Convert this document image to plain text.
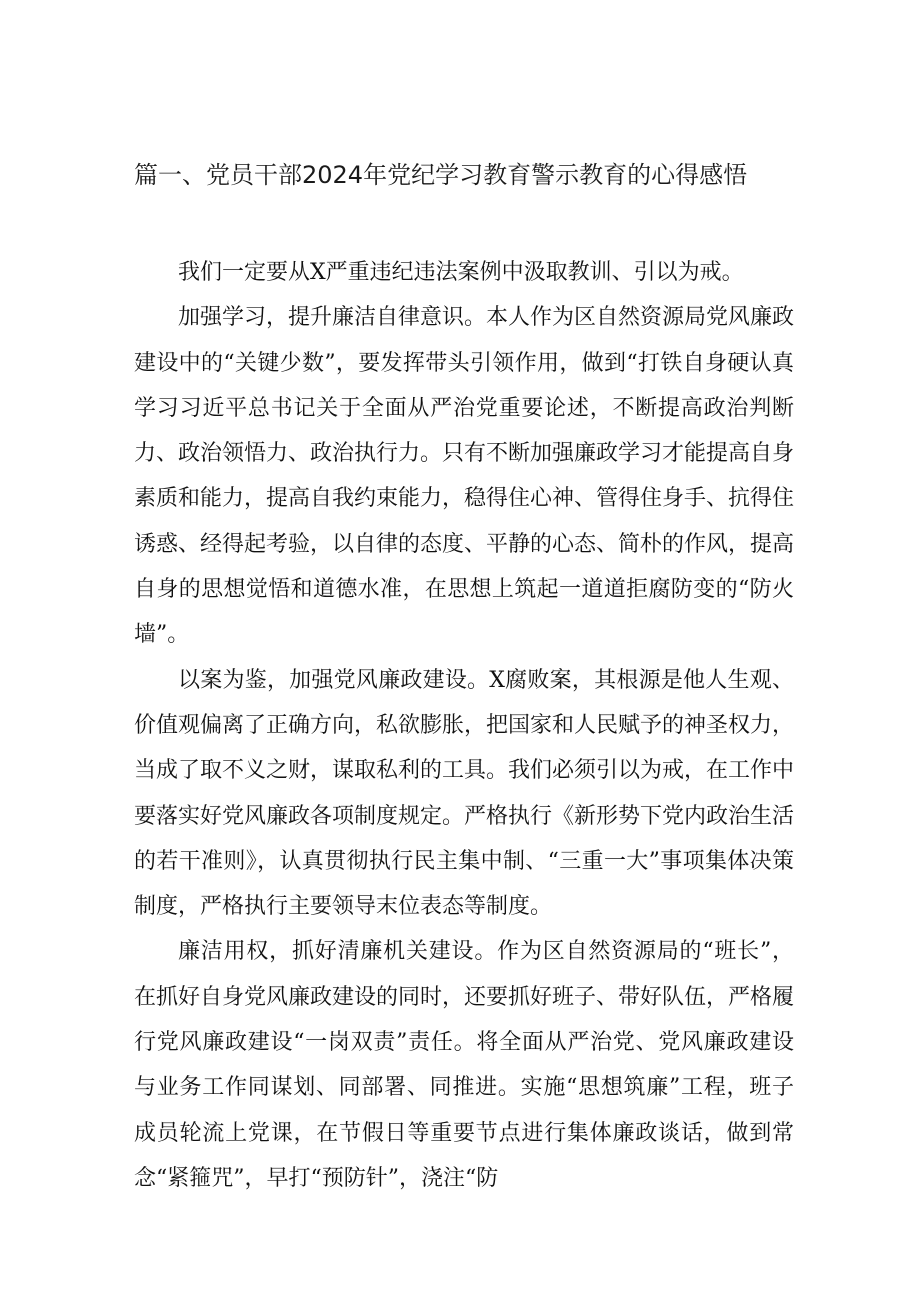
篇一、党员干部2024年党纪学习教育警示教育的心得感悟

我们一定要从X严重违纪违法案例中汲取教训、引以为戒。

加强学习，提升廉洁自律意识。本人作为区自然资源局党风廉政建设中的“关键少数”，要发挥带头引领作用，做到“打铁自身硬认真学习习近平总书记关于全面从严治党重要论述，不断提高政治判断力、政治领悟力、政治执行力。只有不断加强廉政学习才能提高自身素质和能力，提高自我约束能力，稳得住心神、管得住身手、抗得住诱惑、经得起考验，以自律的态度、平静的心态、简朴的作风，提高自身的思想觉悟和道德水准，在思想上筑起一道道拒腐防变的“防火墙”。

以案为鉴，加强党风廉政建设。X腐败案，其根源是他人生观、价值观偏离了正确方向，私欲膨胀，把国家和人民赋予的神圣权力，当成了取不义之财，谋取私利的工具。我们必须引以为戒，在工作中要落实好党风廉政各项制度规定。严格执行《新形势下党内政治生活的若干准则》，认真贯彻执行民主集中制、“三重一大”事项集体决策制度，严格执行主要领导末位表态等制度。

廉洁用权，抓好清廉机关建设。作为区自然资源局的“班长”，在抓好自身党风廉政建设的同时，还要抓好班子、带好队伍，严格履行党风廉政建设“一岗双责”责任。将全面从严治党、党风廉政建设与业务工作同谋划、同部署、同推进。实施“思想筑廉”工程，班子成员轮流上党课，在节假日等重要节点进行集体廉政谈话，做到常念“紧箍咒”，早打“预防针”，浇注“防
